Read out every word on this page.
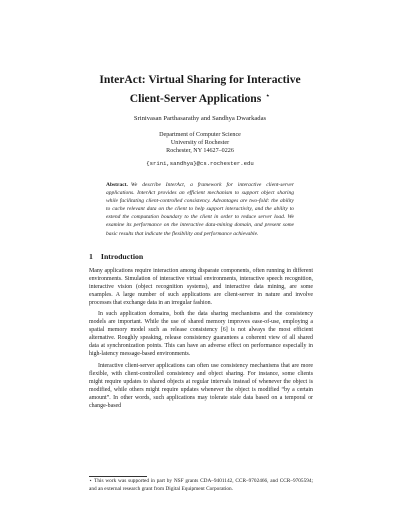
InterAct: Virtual Sharing for Interactive
Client-Server Applications ⋆
Srinivasan Parthasarathy and Sandhya Dwarkadas
Department of Computer Science
University of Rochester
Rochester, NY 14627–0226
{srini,sandhya}@cs.rochester.edu
Abstract. We describe InterAct, a framework for interactive client-server applications. InterAct provides an efficient mechanism to support object sharing while facilitating client-controlled consistency. Advantages are two-fold: the ability to cache relevant data on the client to help support interactivity, and the ability to extend the computation boundary to the client in order to reduce server load. We examine its performance on the interactive data-mining domain, and present some basic results that indicate the flexibility and performance achievable.
1 Introduction

Many applications require interaction among disparate components, often running in different environments. Simulation of interactive virtual environments, interactive speech recognition, interactive vision (object recognition systems), and interactive data mining, are some examples. A large number of such applications are client-server in nature and involve processes that exchange data in an irregular fashion.

In such application domains, both the data sharing mechanisms and the consistency models are important. While the use of shared memory improves ease-of-use, employing a spatial memory model such as release consistency [6] is not always the most efficient alternative. Roughly speaking, release consistency guarantees a coherent view of all shared data at synchronization points. This can have an adverse effect on performance especially in high-latency message-based environments.

Interactive client-server applications can often use consistency mechanisms that are more flexible, with client-controlled consistency and object sharing. For instance, some clients might require updates to shared objects at regular intervals instead of whenever the object is modified, while others might require updates whenever the object is modified “by a certain amount”. In other words, such applications may tolerate stale data based on a temporal or change-based

⋆ This work was supported in part by NSF grants CDA–9401142, CCR–9702466, and CCR–9705594; and an external research grant from Digital Equipment Corporation.
